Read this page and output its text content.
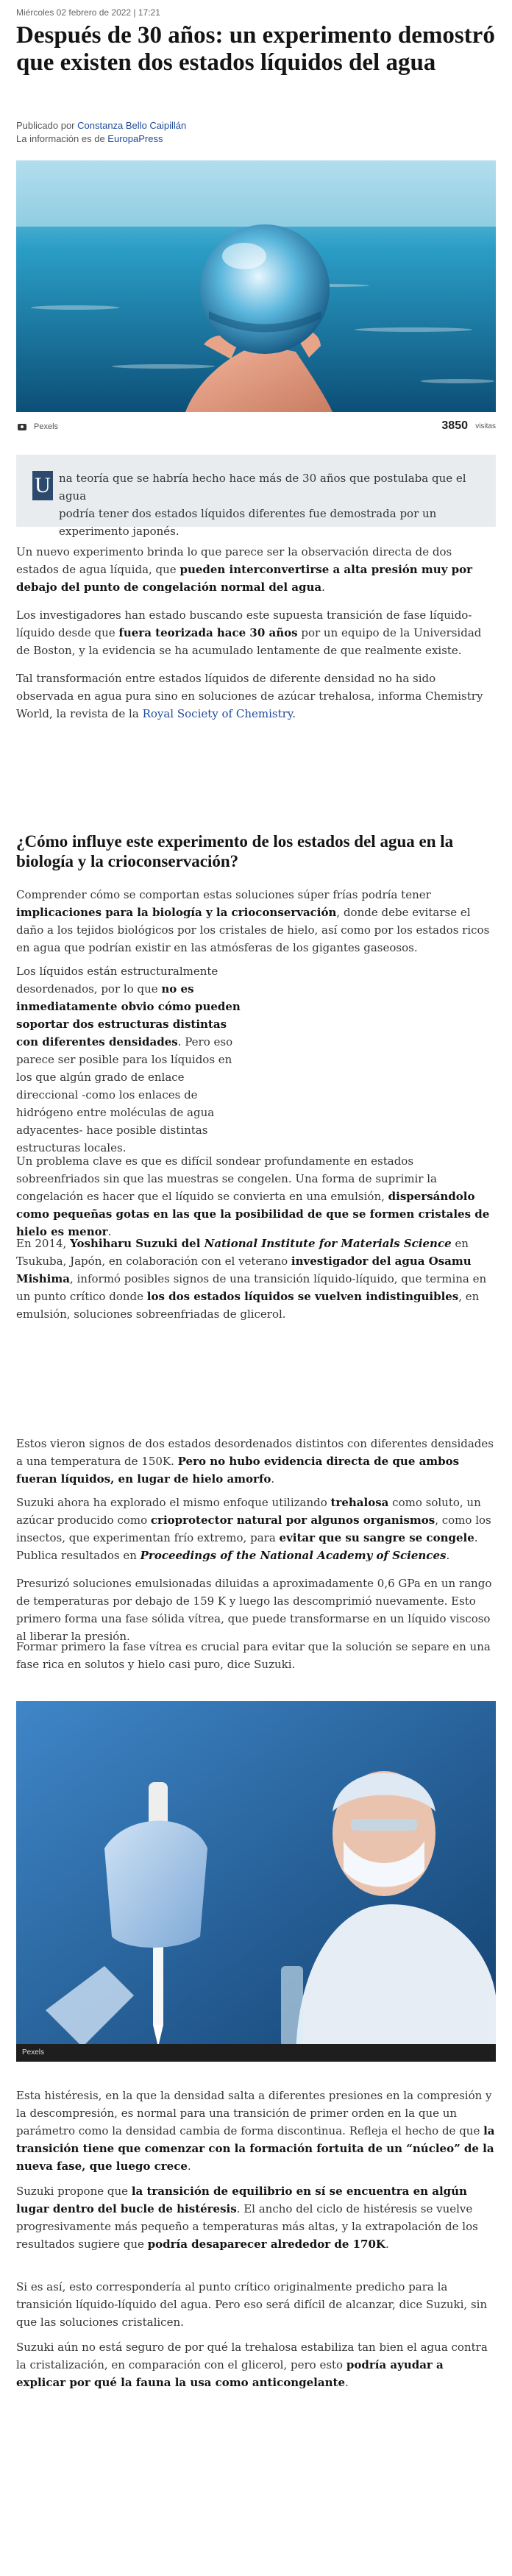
Miércoles 02 febrero de 2022 | 17:21
Después de 30 años: un experimento demostró que existen dos estados líquidos del agua
Publicado por Constanza Bello Caipillán
La información es de EuropaPress
Pexels	3850 visitas
U na teoría que se habría hecho hace más de 30 años que postulaba que el agua
podría tener dos estados líquidos diferentes fue demostrada por un experimento japonés.

Un nuevo experimento brinda lo que parece ser la observación directa de dos estados de agua líquida, que pueden interconvertirse a alta presión muy por debajo del punto de congelación normal del agua.

Los investigadores han estado buscando este supuesta transición de fase líquido-líquido desde que fuera teorizada hace 30 años por un equipo de la Universidad de Boston, y la evidencia se ha acumulado lentamente de que realmente existe.

Tal transformación entre estados líquidos de diferente densidad no ha sido observada en agua pura sino en soluciones de azúcar trehalosa, informa Chemistry World, la revista de la Royal Society of Chemistry.

¿Cómo influye este experimento de los estados del agua en la biología y la crioconservación?

Comprender cómo se comportan estas soluciones súper frías podría tener implicaciones para la biología y la crioconservación, donde debe evitarse el daño a los tejidos biológicos por los cristales de hielo, así como por los estados ricos en agua que podrían existir en las atmósferas de los gigantes gaseosos.

Los líquidos están estructuralmente desordenados, por lo que no es inmediatamente obvio cómo pueden soportar dos estructuras distintas con diferentes densidades. Pero eso parece ser posible para los líquidos en los que algún grado de enlace direccional -como los enlaces de hidrógeno entre moléculas de agua adyacentes- hace posible distintas estructuras locales.

Un problema clave es que es difícil sondear profundamente en estados sobreenfriados sin que las muestras se congelen. Una forma de suprimir la congelación es hacer que el líquido se convierta en una emulsión, dispersándolo como pequeñas gotas en las que la posibilidad de que se formen cristales de hielo es menor.

En 2014, Yoshiharu Suzuki del National Institute for Materials Science en Tsukuba, Japón, en colaboración con el veterano investigador del agua Osamu Mishima, informó posibles signos de una transición líquido-líquido, que termina en un punto crítico donde los dos estados líquidos se vuelven indistinguibles, en emulsión, soluciones sobreenfriadas de glicerol.

Estos vieron signos de dos estados desordenados distintos con diferentes densidades a una temperatura de 150K. Pero no hubo evidencia directa de que ambos fueran líquidos, en lugar de hielo amorfo.

Suzuki ahora ha explorado el mismo enfoque utilizando trehalosa como soluto, un azúcar producido como crioprotector natural por algunos organismos, como los insectos, que experimentan frío extremo, para evitar que su sangre se congele. Publica resultados en Proceedings of the National Academy of Sciences.

Presurizó soluciones emulsionadas diluidas a aproximadamente 0,6 GPa en un rango de temperaturas por debajo de 159 K y luego las descomprimió nuevamente. Esto primero forma una fase sólida vítrea, que puede transformarse en un líquido viscoso al liberar la presión.

Formar primero la fase vítrea es crucial para evitar que la solución se separe en una fase rica en solutos y hielo casi puro, dice Suzuki.

Pexels

Esta histéresis, en la que la densidad salta a diferentes presiones en la compresión y la descompresión, es normal para una transición de primer orden en la que un parámetro como la densidad cambia de forma discontinua. Refleja el hecho de que la transición tiene que comenzar con la formación fortuita de un “núcleo” de la nueva fase, que luego crece.

Suzuki propone que la transición de equilibrio en sí se encuentra en algún lugar dentro del bucle de histéresis. El ancho del ciclo de histéresis se vuelve progresivamente más pequeño a temperaturas más altas, y la extrapolación de los resultados sugiere que podría desaparecer alrededor de 170K.

Si es así, esto correspondería al punto crítico originalmente predicho para la transición líquido-líquido del agua. Pero eso será difícil de alcanzar, dice Suzuki, sin que las soluciones cristalicen.

Suzuki aún no está seguro de por qué la trehalosa estabiliza tan bien el agua contra la cristalización, en comparación con el glicerol, pero esto podría ayudar a explicar por qué la fauna la usa como anticongelante.
